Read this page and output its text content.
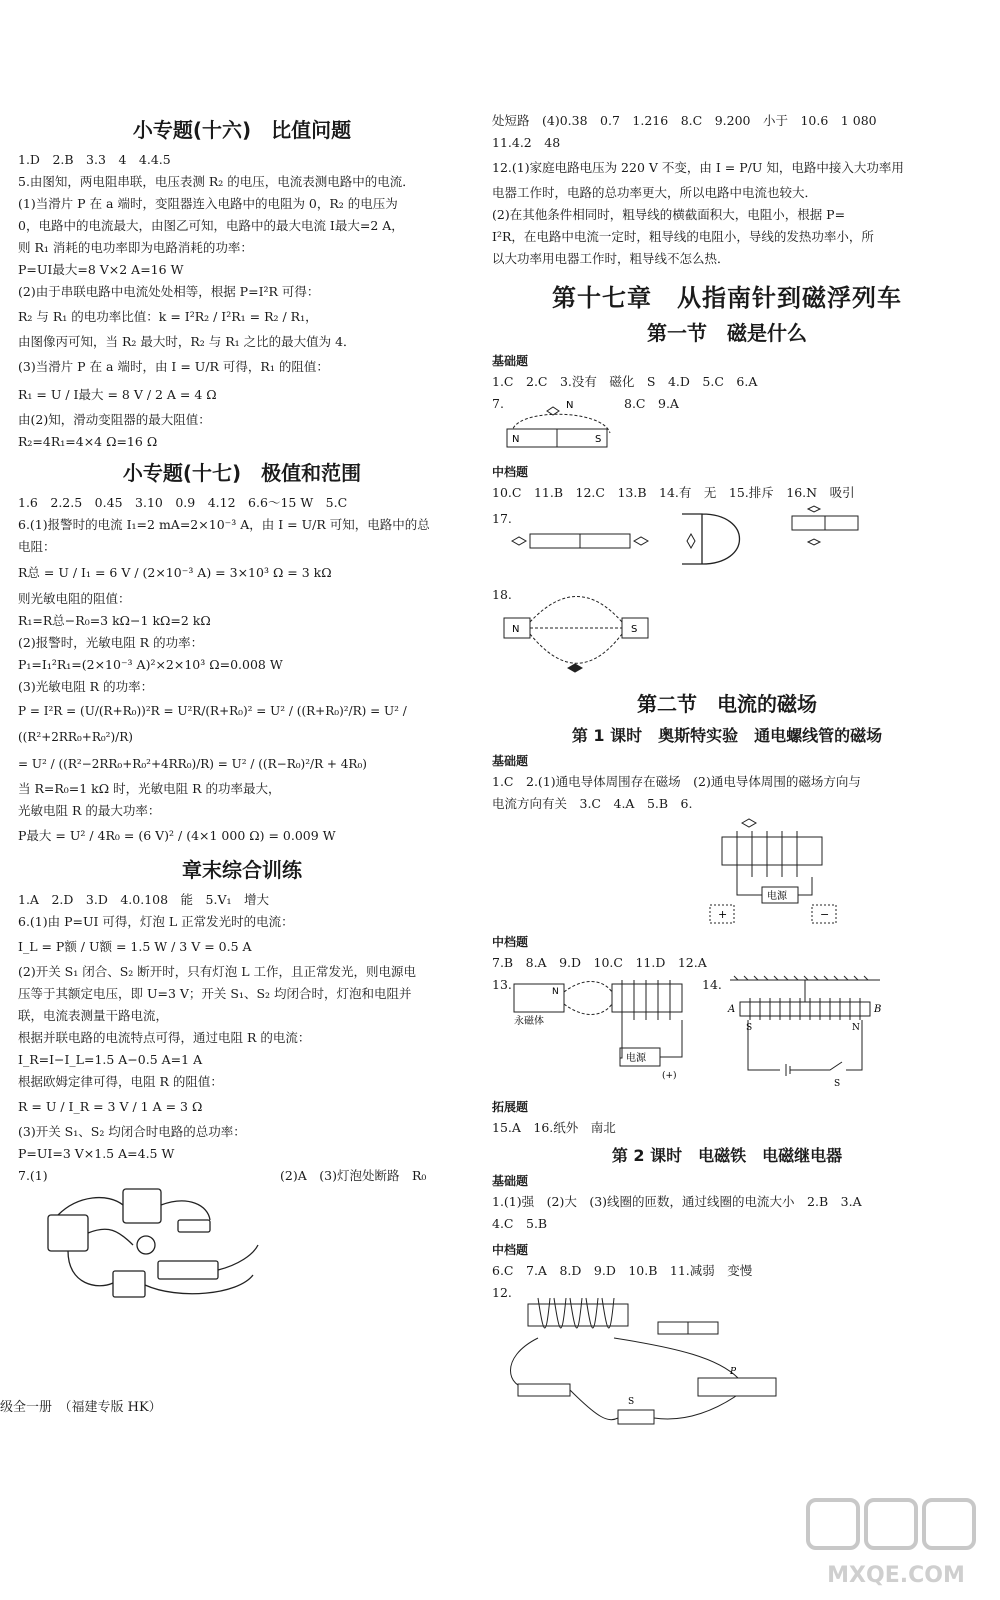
小专题(十六)　比值问题
1.D　2.B　3.3　4　4.4.5
5.由图知，两电阻串联，电压表测 R₂ 的电压，电流表测电路中的电流．
(1)当滑片 P 在 a 端时，变阻器连入电路中的电阻为 0，R₂ 的电压为
0，电路中的电流最大，由图乙可知，电路中的最大电流 I最大=2 A，
则 R₁ 消耗的电功率即为电路消耗的功率：
P=UI最大=8 V×2 A=16 W
(2)由于串联电路中电流处处相等，根据 P=I²R 可得：
R₂ 与 R₁ 的电功率比值：k = I²R₂ / I²R₁ = R₂ / R₁，
由图像丙可知，当 R₂ 最大时，R₂ 与 R₁ 之比的最大值为 4．
(3)当滑片 P 在 a 端时，由 I = U/R 可得，R₁ 的阻值：
R₁ = U / I最大 = 8 V / 2 A = 4 Ω
由(2)知，滑动变阻器的最大阻值：
R₂=4R₁=4×4 Ω=16 Ω
小专题(十七)　极值和范围
1.6　2.2.5　0.45　3.10　0.9　4.12　6.6～15 W　5.C
6.(1)报警时的电流 I₁=2 mA=2×10⁻³ A，由 I = U/R 可知，电路中的总
电阻：
R总 = U / I₁ = 6 V / (2×10⁻³ A) = 3×10³ Ω = 3 kΩ
则光敏电阻的阻值：
R₁=R总−R₀=3 kΩ−1 kΩ=2 kΩ
(2)报警时，光敏电阻 R 的功率：
P₁=I₁²R₁=(2×10⁻³ A)²×2×10³ Ω=0.008 W
(3)光敏电阻 R 的功率：
P = I²R = (U/(R+R₀))²R = U²R/(R+R₀)² = U² / ((R+R₀)²/R) = U² / ((R²+2RR₀+R₀²)/R)
= U² / ((R²−2RR₀+R₀²+4RR₀)/R) = U² / ((R−R₀)²/R + 4R₀)
当 R=R₀=1 kΩ 时，光敏电阻 R 的功率最大，
光敏电阻 R 的最大功率：
P最大 = U² / 4R₀ = (6 V)² / (4×1 000 Ω) = 0.009 W
章末综合训练
1.A　2.D　3.D　4.0.108　能　5.V₁　增大
6.(1)由 P=UI 可得，灯泡 L 正常发光时的电流：
I_L = P额 / U额 = 1.5 W / 3 V = 0.5 A
(2)开关 S₁ 闭合、S₂ 断开时，只有灯泡 L 工作，且正常发光，则电源电
压等于其额定电压，即 U=3 V；开关 S₁、S₂ 均闭合时，灯泡和电阻并
联，电流表测量干路电流，
根据并联电路的电流特点可得，通过电阻 R 的电流：
I_R=I−I_L=1.5 A−0.5 A=1 A
根据欧姆定律可得，电阻 R 的阻值：
R = U / I_R = 3 V / 1 A = 3 Ω
(3)开关 S₁、S₂ 均闭合时电路的总功率：
P=UI=3 V×1.5 A=4.5 W
7.(1)	(2)A　(3)灯泡处断路　R₀
级全一册　（福建专版 HK）
处短路　(4)0.38　0.7　1.216　8.C　9.200　小于　10.6　1 080
11.4.2　48
12.(1)家庭电路电压为 220 V 不变，由 I = P/U 知，电路中接入大功率用
电器工作时，电路的总功率更大，所以电路中电流也较大．
(2)在其他条件相同时，粗导线的横截面积大，电阻小，根据 P=
I²R，在电路中电流一定时，粗导线的电阻小，导线的发热功率小，所
以大功率用电器工作时，粗导线不怎么热．
第十七章　从指南针到磁浮列车
第一节　磁是什么
基础题
1.C　2.C　3.没有　磁化　S　4.D　5.C　6.A
7.	8.C　9.A
N
N	S
中档题
10.C　11.B　12.C　13.B　14.有　无　15.排斥　16.N　吸引
17.
18.
N	S
第二节　电流的磁场
第 1 课时　奥斯特实验　通电螺线管的磁场
基础题
1.C　2.(1)通电导体周围存在磁场　(2)通电导体周围的磁场方向与
电流方向有关　3.C　4.A　5.B　6.
电源
+	−
中档题
7.B　8.A　9.D　10.C　11.D　12.A
13.	14.
N
永磁体
电源
(+)
A	B
S	N
S
拓展题
15.A　16.纸外　南北
第 2 课时　电磁铁　电磁继电器
基础题
1.(1)强　(2)大　(3)线圈的匝数，通过线圈的电流大小　2.B　3.A
4.C　5.B
中档题
6.C　7.A　8.D　9.D　10.B　11.减弱　变慢
12.
P
S
MXQE.COM
